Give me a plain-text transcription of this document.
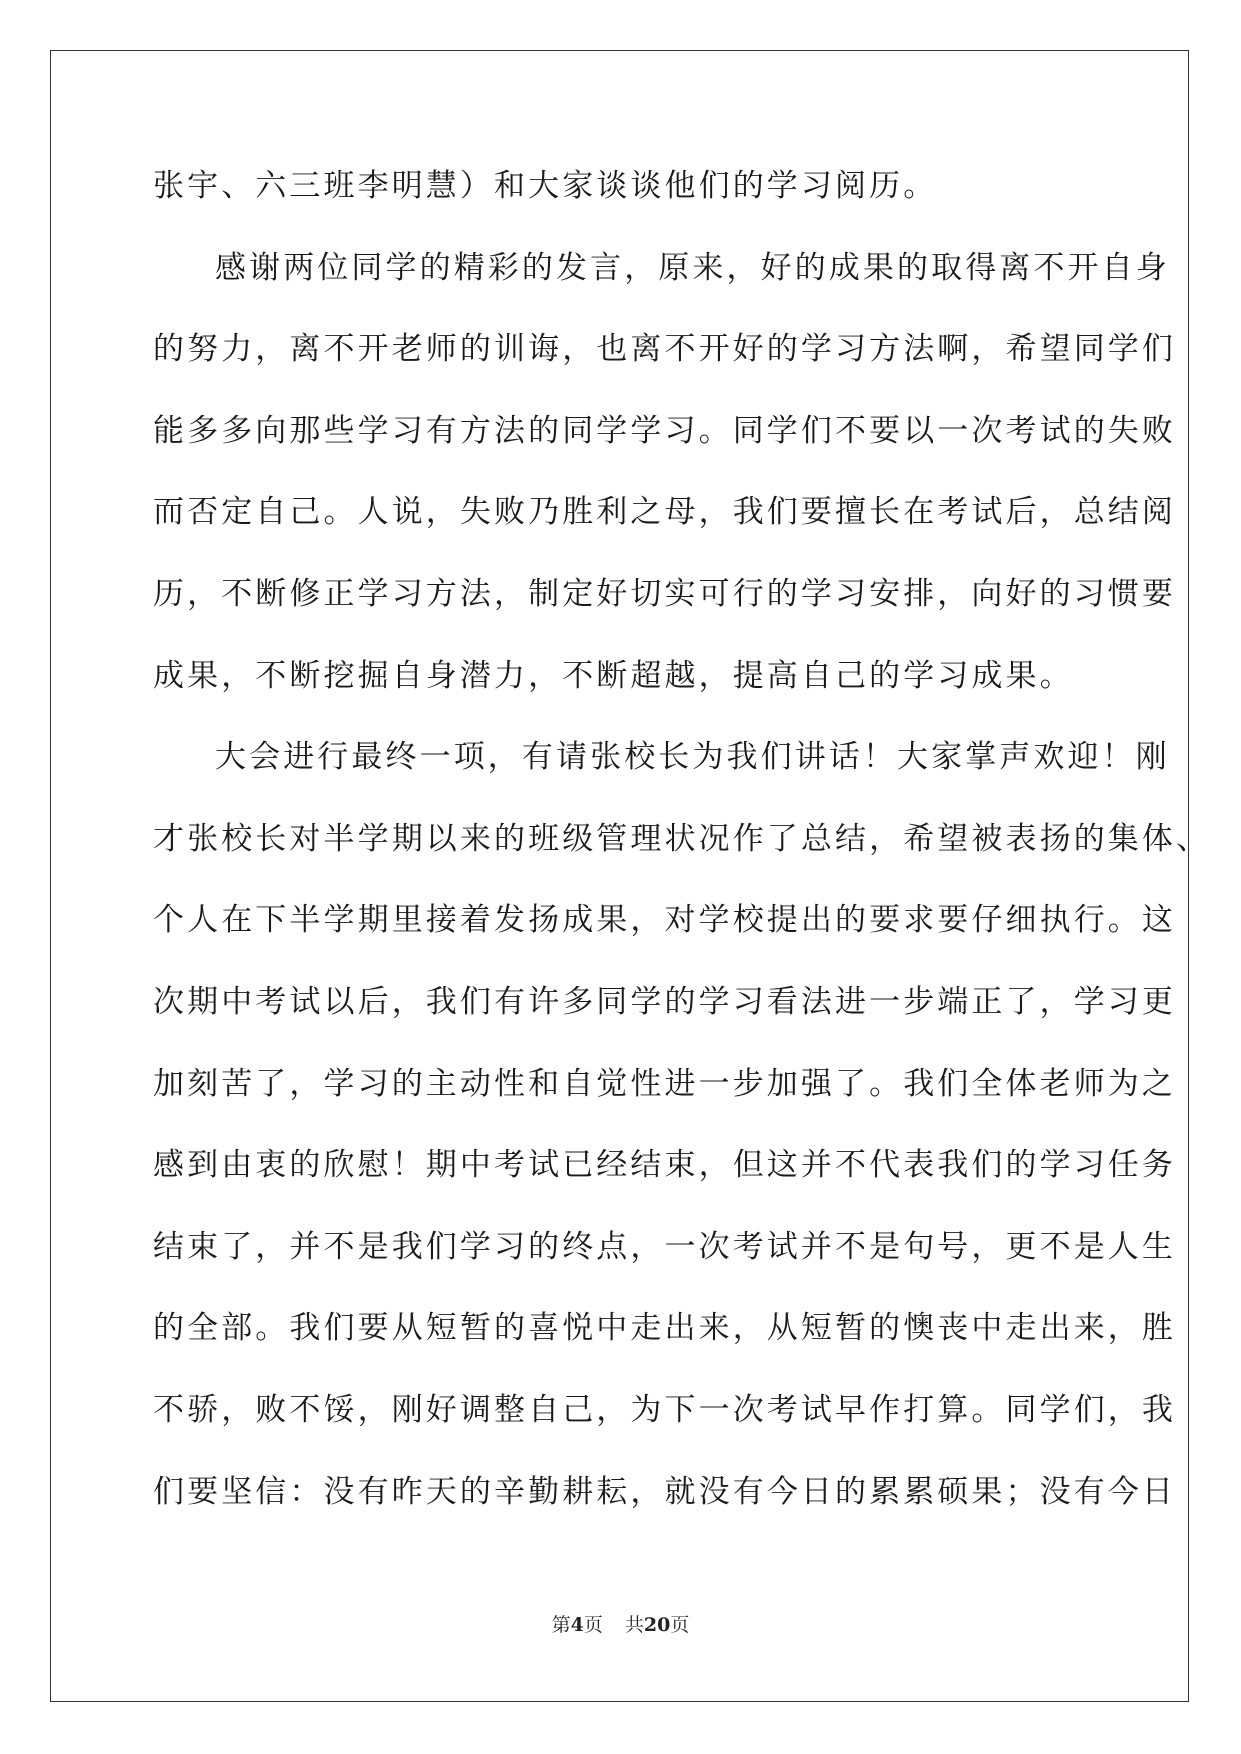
张宇、六三班李明慧）和大家谈谈他们的学习阅历。
感谢两位同学的精彩的发言，原来，好的成果的取得离不开自身
的努力，离不开老师的训诲，也离不开好的学习方法啊，希望同学们
能多多向那些学习有方法的同学学习。同学们不要以一次考试的失败
而否定自己。人说，失败乃胜利之母，我们要擅长在考试后，总结阅
历，不断修正学习方法，制定好切实可行的学习安排，向好的习惯要
成果，不断挖掘自身潜力，不断超越，提高自己的学习成果。
大会进行最终一项，有请张校长为我们讲话！大家掌声欢迎！刚
才张校长对半学期以来的班级管理状况作了总结，希望被表扬的集体、
个人在下半学期里接着发扬成果，对学校提出的要求要仔细执行。这
次期中考试以后，我们有许多同学的学习看法进一步端正了，学习更
加刻苦了，学习的主动性和自觉性进一步加强了。我们全体老师为之
感到由衷的欣慰！期中考试已经结束，但这并不代表我们的学习任务
结束了，并不是我们学习的终点，一次考试并不是句号，更不是人生
的全部。我们要从短暂的喜悦中走出来，从短暂的懊丧中走出来，胜
不骄，败不馁，刚好调整自己，为下一次考试早作打算。同学们，我
们要坚信：没有昨天的辛勤耕耘，就没有今日的累累硕果；没有今日
第4页 共20页
